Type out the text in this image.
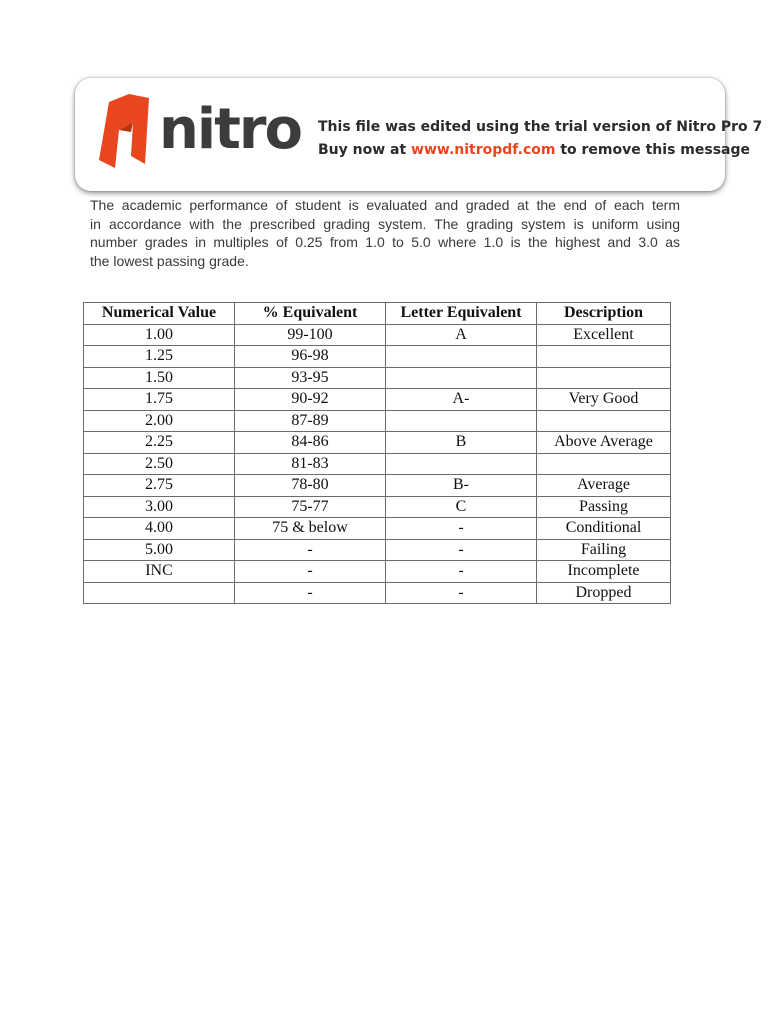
nitro This file was edited using the trial version of Nitro Pro 7
Buy now at www.nitropdf.com to remove this message
The academic performance of student is evaluated and graded at the end of each term
in accordance with the prescribed grading system. The grading system is uniform using
number grades in multiples of 0.25 from 1.0 to 5.0 where 1.0 is the highest and 3.0 as
the lowest passing grade.
Numerical Value	% Equivalent	Letter Equivalent	Description
1.00	99-100	A	Excellent
1.25	96-98		
1.50	93-95		
1.75	90-92	A-	Very Good
2.00	87-89		
2.25	84-86	B	Above Average
2.50	81-83		
2.75	78-80	B-	Average
3.00	75-77	C	Passing
4.00	75 & below	-	Conditional
5.00	-	-	Failing
INC	-	-	Incomplete
	-	-	Dropped
